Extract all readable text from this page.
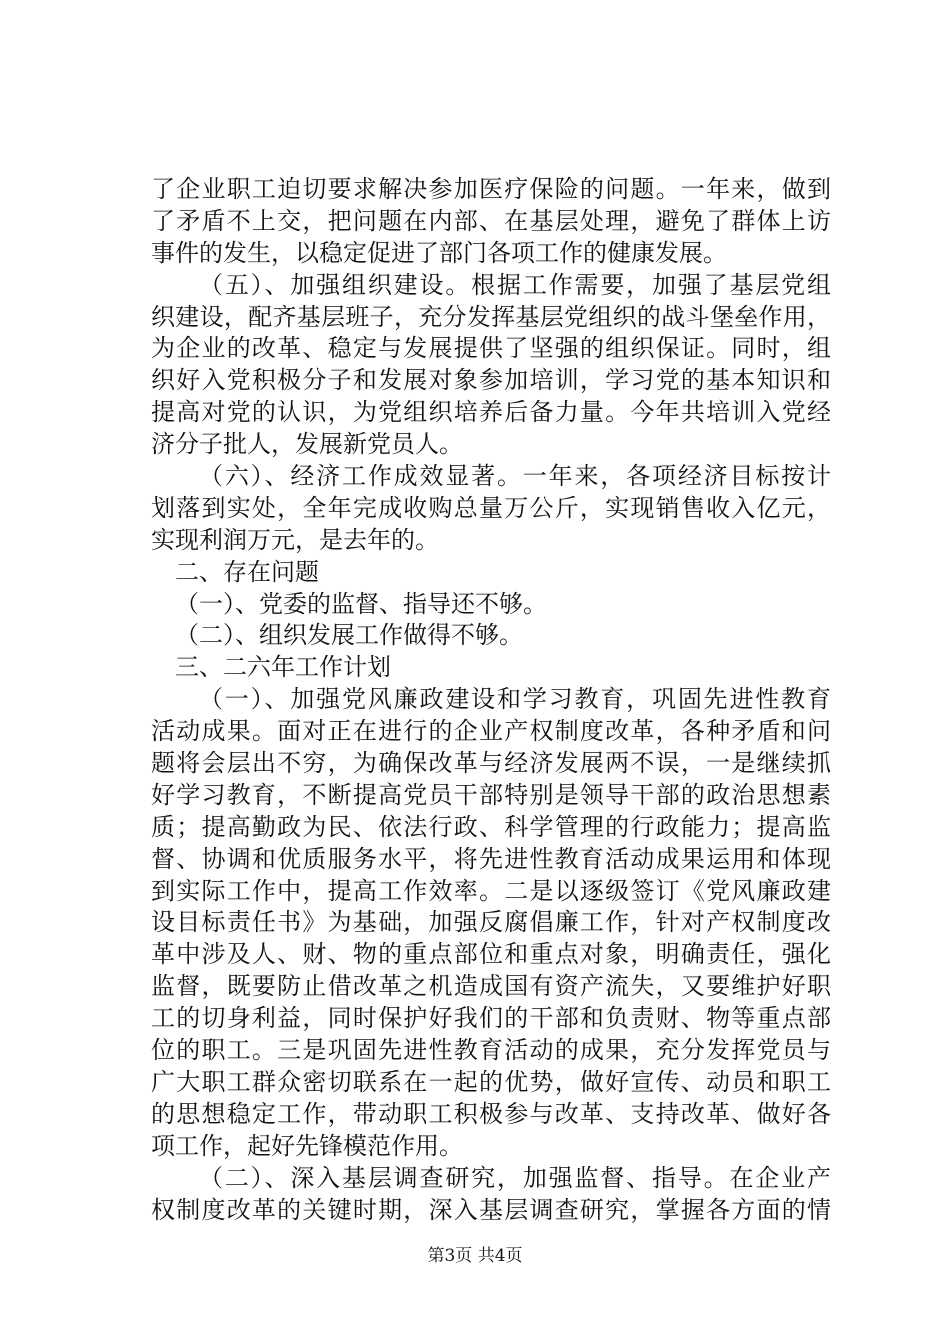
了企业职工迫切要求解决参加医疗保险的问题。一年来，做到
了矛盾不上交，把问题在内部、在基层处理，避免了群体上访
事件的发生，以稳定促进了部门各项工作的健康发展。
（五）、加强组织建设。根据工作需要，加强了基层党组
织建设，配齐基层班子，充分发挥基层党组织的战斗堡垒作用，
为企业的改革、稳定与发展提供了坚强的组织保证。同时，组
织好入党积极分子和发展对象参加培训，学习党的基本知识和
提高对党的认识，为党组织培养后备力量。今年共培训入党经
济分子批人，发展新党员人。
（六）、经济工作成效显著。一年来，各项经济目标按计
划落到实处，全年完成收购总量万公斤，实现销售收入亿元，
实现利润万元，是去年的。
二、存在问题
（一）、党委的监督、指导还不够。
（二）、组织发展工作做得不够。
三、二六年工作计划
（一）、加强党风廉政建设和学习教育，巩固先进性教育
活动成果。面对正在进行的企业产权制度改革，各种矛盾和问
题将会层出不穷，为确保改革与经济发展两不误，一是继续抓
好学习教育，不断提高党员干部特别是领导干部的政治思想素
质；提高勤政为民、依法行政、科学管理的行政能力；提高监
督、协调和优质服务水平，将先进性教育活动成果运用和体现
到实际工作中，提高工作效率。二是以逐级签订《党风廉政建
设目标责任书》为基础，加强反腐倡廉工作，针对产权制度改
革中涉及人、财、物的重点部位和重点对象，明确责任，强化
监督，既要防止借改革之机造成国有资产流失，又要维护好职
工的切身利益，同时保护好我们的干部和负责财、物等重点部
位的职工。三是巩固先进性教育活动的成果，充分发挥党员与
广大职工群众密切联系在一起的优势，做好宣传、动员和职工
的思想稳定工作，带动职工积极参与改革、支持改革、做好各
项工作，起好先锋模范作用。
（二）、深入基层调查研究，加强监督、指导。在企业产
权制度改革的关键时期，深入基层调查研究，掌握各方面的情
第3页 共4页
